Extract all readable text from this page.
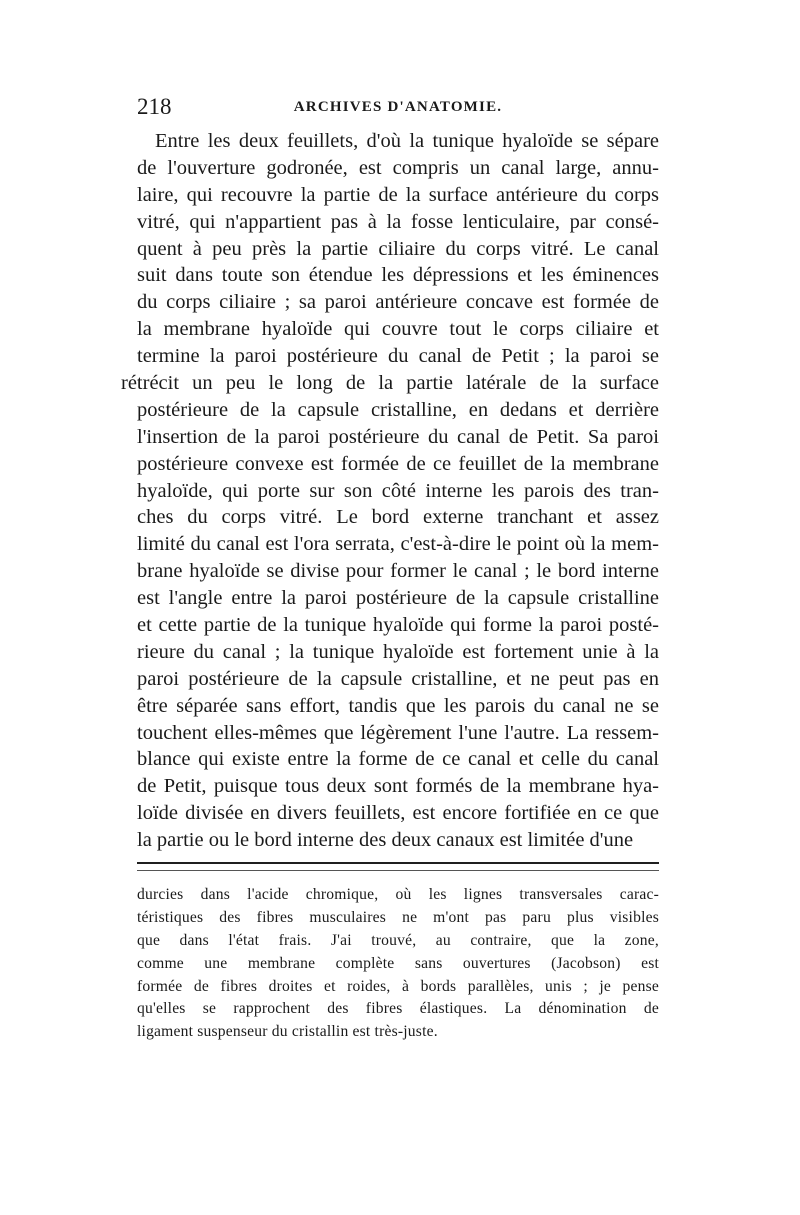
218	ARCHIVES D'ANATOMIE.
Entre les deux feuillets, d'où la tunique hyaloïde se sépare
de l'ouverture godronée, est compris un canal large, annu-
laire, qui recouvre la partie de la surface antérieure du corps
vitré, qui n'appartient pas à la fosse lenticulaire, par consé-
quent à peu près la partie ciliaire du corps vitré. Le canal
suit dans toute son étendue les dépressions et les éminences
du corps ciliaire ; sa paroi antérieure concave est formée de
la membrane hyaloïde qui couvre tout le corps ciliaire et
termine la paroi postérieure du canal de Petit ; la paroi se
rétrécit un peu le long de la partie latérale de la surface
postérieure de la capsule cristalline, en dedans et derrière
l'insertion de la paroi postérieure du canal de Petit. Sa paroi
postérieure convexe est formée de ce feuillet de la membrane
hyaloïde, qui porte sur son côté interne les parois des tran-
ches du corps vitré. Le bord externe tranchant et assez
limité du canal est l'ora serrata, c'est-à-dire le point où la mem-
brane hyaloïde se divise pour former le canal ; le bord interne
est l'angle entre la paroi postérieure de la capsule cristalline
et cette partie de la tunique hyaloïde qui forme la paroi posté-
rieure du canal ; la tunique hyaloïde est fortement unie à la
paroi postérieure de la capsule cristalline, et ne peut pas en
être séparée sans effort, tandis que les parois du canal ne se
touchent elles-mêmes que légèrement l'une l'autre. La ressem-
blance qui existe entre la forme de ce canal et celle du canal
de Petit, puisque tous deux sont formés de la membrane hya-
loïde divisée en divers feuillets, est encore fortifiée en ce que
la partie ou le bord interne des deux canaux est limitée d'une
durcies dans l'acide chromique, où les lignes transversales carac-
téristiques des fibres musculaires ne m'ont pas paru plus visibles
que dans l'état frais. J'ai trouvé, au contraire, que la zone,
comme une membrane complète sans ouvertures (Jacobson) est
formée de fibres droites et roides, à bords parallèles, unis ; je pense
qu'elles se rapprochent des fibres élastiques. La dénomination de
ligament suspenseur du cristallin est très-juste.
